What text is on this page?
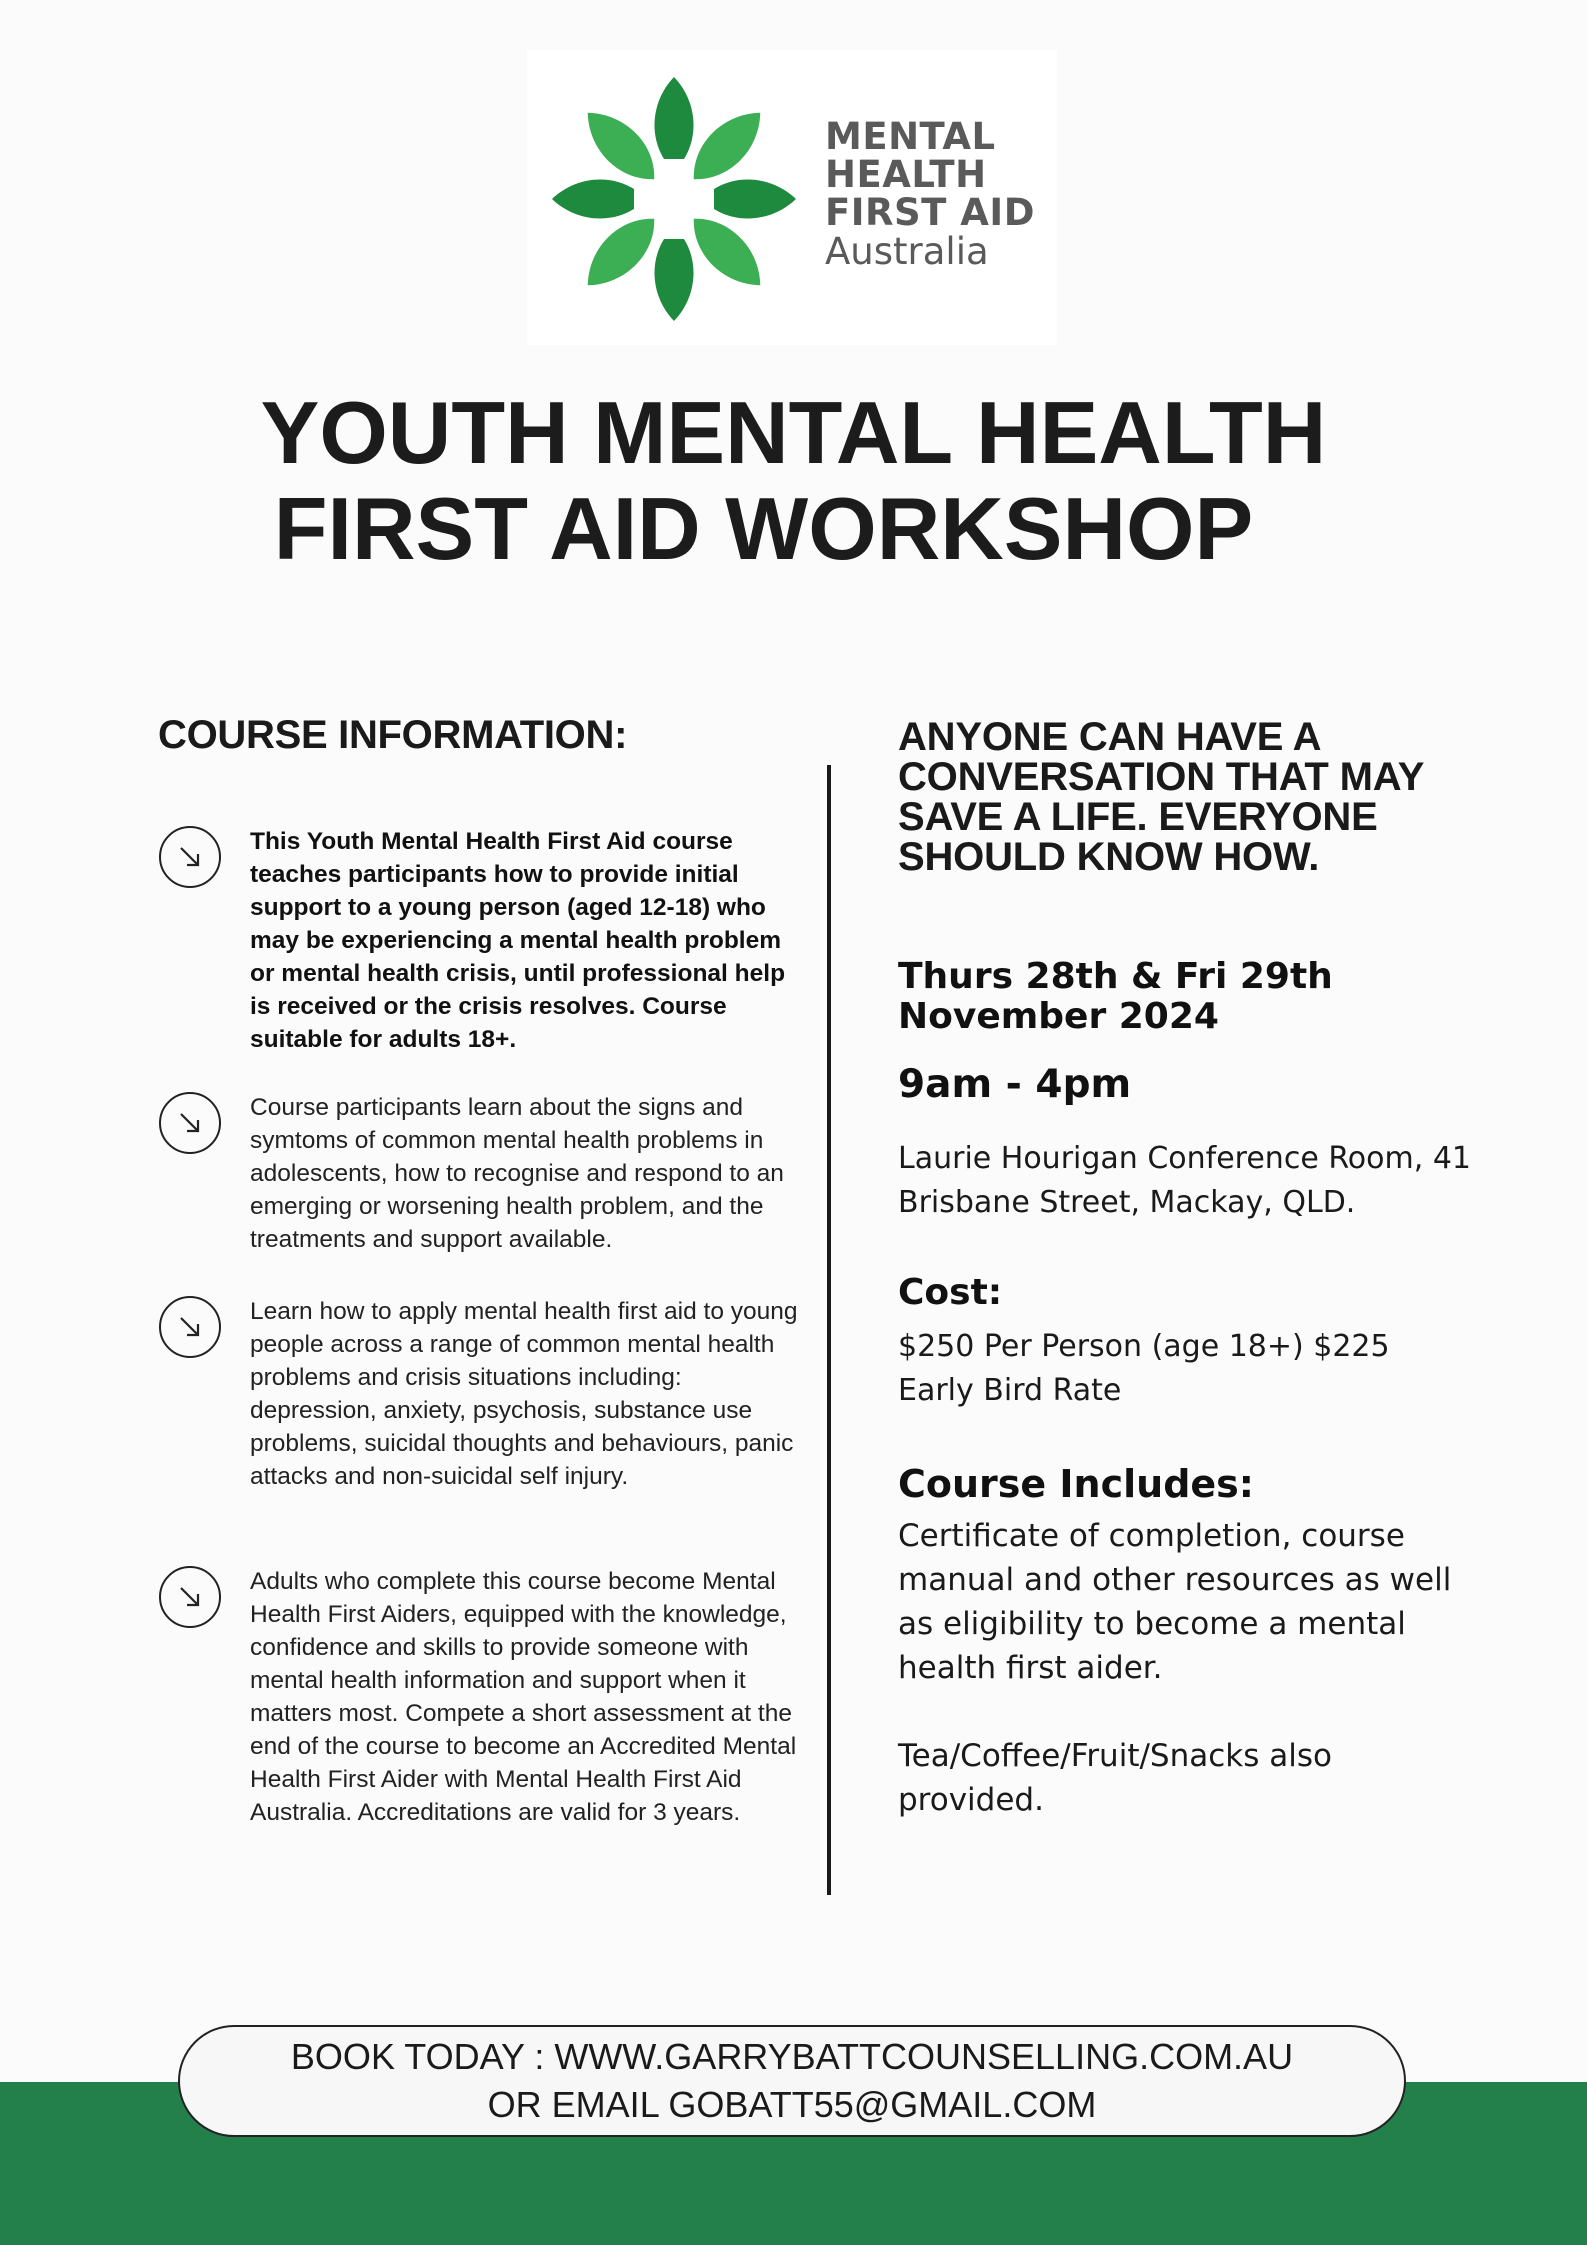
MENTAL
HEALTH
FIRST AID
Australia
YOUTH MENTAL HEALTH
FIRST AID WORKSHOP
COURSE INFORMATION:
This Youth Mental Health First Aid course teaches participants how to provide initial support to a young person (aged 12-18) who may be experiencing a mental health problem or mental health crisis, until professional help is received or the crisis resolves. Course suitable for adults 18+.
Course participants learn about the signs and symtoms of common mental health problems in adolescents, how to recognise and respond to an emerging or worsening health problem, and the treatments and support available.
Learn how to apply mental health first aid to young people across a range of common mental health problems and crisis situations including: depression, anxiety, psychosis, substance use problems, suicidal thoughts and behaviours, panic attacks and non-suicidal self injury.
Adults who complete this course become Mental Health First Aiders, equipped with the knowledge, confidence and skills to provide someone with mental health information and support when it matters most. Compete a short assessment at the end of the course to become an Accredited Mental Health First Aider with Mental Health First Aid Australia. Accreditations are valid for 3 years.
ANYONE CAN HAVE A CONVERSATION THAT MAY SAVE A LIFE. EVERYONE SHOULD KNOW HOW.
Thurs 28th & Fri 29th November 2024
9am - 4pm
Laurie Hourigan Conference Room, 41 Brisbane Street, Mackay, QLD.
Cost:
$250 Per Person (age 18+) $225 Early Bird Rate
Course Includes:
Certificate of completion, course manual and other resources as well as eligibility to become a mental health first aider.
Tea/Coffee/Fruit/Snacks also provided.
BOOK TODAY : WWW.GARRYBATTCOUNSELLING.COM.AU
OR EMAIL GOBATT55@GMAIL.COM
